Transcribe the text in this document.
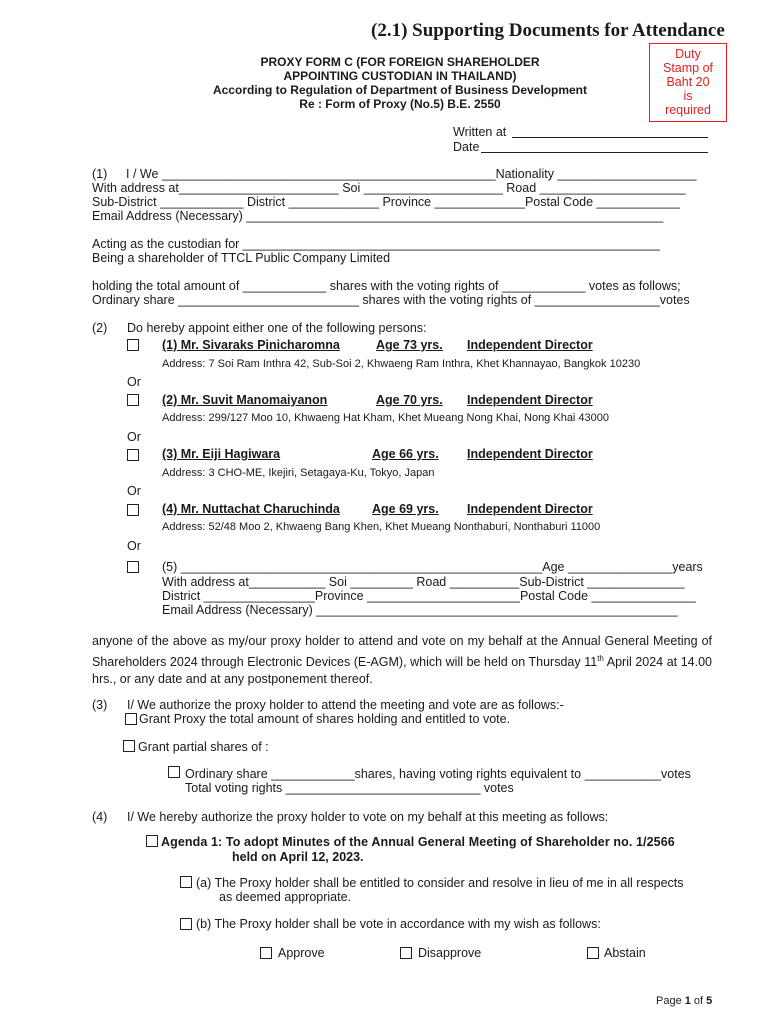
(2.1) Supporting Documents for Attendance
Duty
Stamp of
Baht 20
is
required
PROXY FORM C (FOR FOREIGN SHAREHOLDER
APPOINTING CUSTODIAN IN THAILAND)
According to Regulation of Department of Business Development
Re : Form of Proxy (No.5) B.E. 2550
Written at
Date
(1) I / We ________________________________________________Nationality ____________________
With address at_______________________ Soi ____________________ Road _____________________
Sub-District ____________ District _____________ Province _____________Postal Code ____________
Email Address (Necessary) ____________________________________________________________
Acting as the custodian for ____________________________________________________________
Being a shareholder of TTCL Public Company Limited
holding the total amount of ____________ shares with the voting rights of ____________ votes as follows;
Ordinary share __________________________ shares with the voting rights of __________________votes
(2) Do hereby appoint either one of the following persons:
(1) Mr. Sivaraks Pinicharomna	Age 73 yrs. Independent Director
Address: 7 Soi Ram Inthra 42, Sub-Soi 2, Khwaeng Ram Inthra, Khet Khannayao, Bangkok 10230
Or
(2) Mr. Suvit Manomaiyanon	Age 70 yrs. Independent Director
Address: 299/127 Moo 10, Khwaeng Hat Kham, Khet Mueang Nong Khai, Nong Khai 43000
Or
(3) Mr. Eiji Hagiwara	Age 66 yrs. Independent Director
Address: 3 CHO-ME, Ikejiri, Setagaya-Ku, Tokyo, Japan
Or
(4) Mr. Nuttachat Charuchinda	Age 69 yrs. Independent Director
Address: 52/48 Moo 2, Khwaeng Bang Khen, Khet Mueang Nonthaburi, Nonthaburi 11000
Or
(5) ____________________________________________________Age _______________years
With address at___________ Soi _________ Road __________Sub-District ______________
District ________________Province ______________________Postal Code _______________
Email Address (Necessary) ____________________________________________________
anyone of the above as my/our proxy holder to attend and vote on my behalf at the Annual General Meeting of Shareholders 2024 through Electronic Devices (E-AGM), which will be held on Thursday 11th April 2024 at 14.00 hrs., or any date and at any postponement thereof.
(3) I/ We authorize the proxy holder to attend the meeting and vote are as follows:-
Grant Proxy the total amount of shares holding and entitled to vote.
Grant partial shares of :
Ordinary share ____________shares, having voting rights equivalent to ___________votes
Total voting rights ____________________________ votes
(4) I/ We hereby authorize the proxy holder to vote on my behalf at this meeting as follows:
Agenda 1: To adopt Minutes of the Annual General Meeting of Shareholder no. 1/2566
held on April 12, 2023.
(a) The Proxy holder shall be entitled to consider and resolve in lieu of me in all respects
as deemed appropriate.
(b) The Proxy holder shall be vote in accordance with my wish as follows:
Approve	Disapprove	Abstain
Page 1 of 5
